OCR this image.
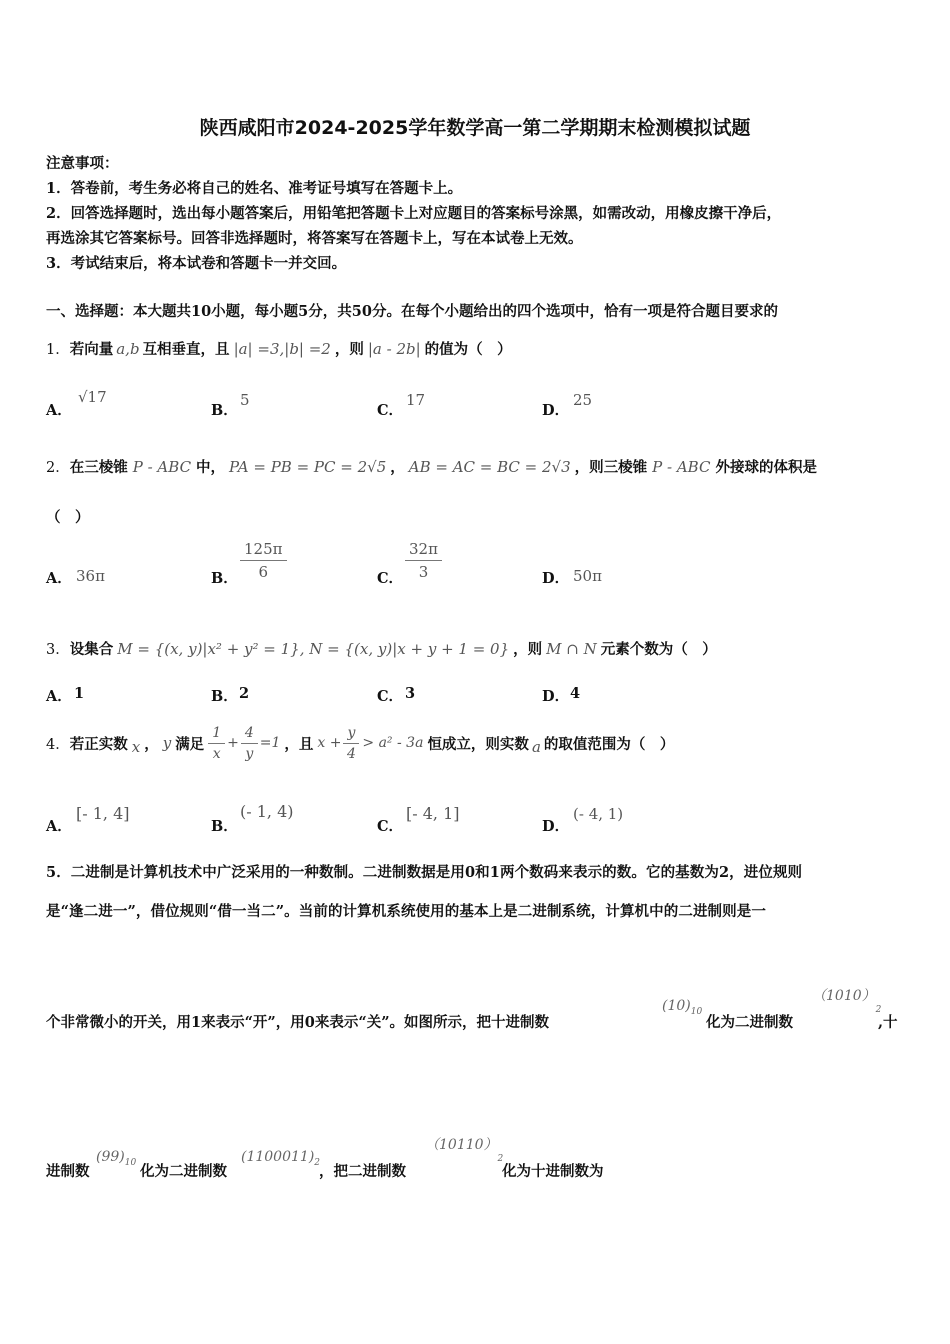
陕西咸阳市2024-2025学年数学高一第二学期期末检测模拟试题
注意事项：
1．答卷前，考生务必将自己的姓名、准考证号填写在答题卡上。
2．回答选择题时，选出每小题答案后，用铅笔把答题卡上对应题目的答案标号涂黑，如需改动，用橡皮擦干净后，
再选涂其它答案标号。回答非选择题时，将答案写在答题卡上，写在本试卷上无效。
3．考试结束后，将本试卷和答题卡一并交回。
一、选择题：本大题共10小题，每小题5分，共50分。在每个小题给出的四个选项中，恰有一项是符合题目要求的
1．若向量 a,b 互相垂直，且 |a| =3,|b| =2 ，则 |a - 2b| 的值为（　）
A．
√17
B．
5
C．
17
D．
25
2．在三棱锥 P - ABC 中， PA = PB = PC = 2√5 ， AB = AC = BC = 2√3 ，则三棱锥 P - ABC 外接球的体积是
（　）
A． 36π	B． $\frac{125\pi}{6}$	C． $\frac{32\pi}{3}$	D． 50π
3．设集合 M = {(x, y)|x² + y² = 1}, N = {(x, y)|x + y + 1 = 0} ，则 M ∩ N 元素个数为（　）
A． 1	B． 2	C． 3	D． 4
4． 若正实数 x ， y 满足 $\frac{1}{x} + \frac{4}{y} =1$ ，且 $x + \frac{y}{4} > a^2 - 3a$ 恒成立，则实数 a 的取值范围为（　）
A．
[- 1, 4]
B．
(- 1, 4)
C．
[- 4, 1]
D．
(- 4, 1)
5．二进制是计算机技术中广泛采用的一种数制。二进制数据是用0和1两个数码来表示的数。它的基数为2，进位规则
是“逢二进一”，借位规则“借一当二”。当前的计算机系统使用的基本上是二进制系统，计算机中的二进制则是一
个非常微小的开关，用1来表示“开”，用0来表示“关”。如图所示，把十进制数
$(10)_{10}$
化为二进制数
$(1010)_2$
,十
进制数
$(99)_{10}$ 化为二进制数
$(1100011)_2$
，把二进制数
$(10110)_2$
化为十进制数为
